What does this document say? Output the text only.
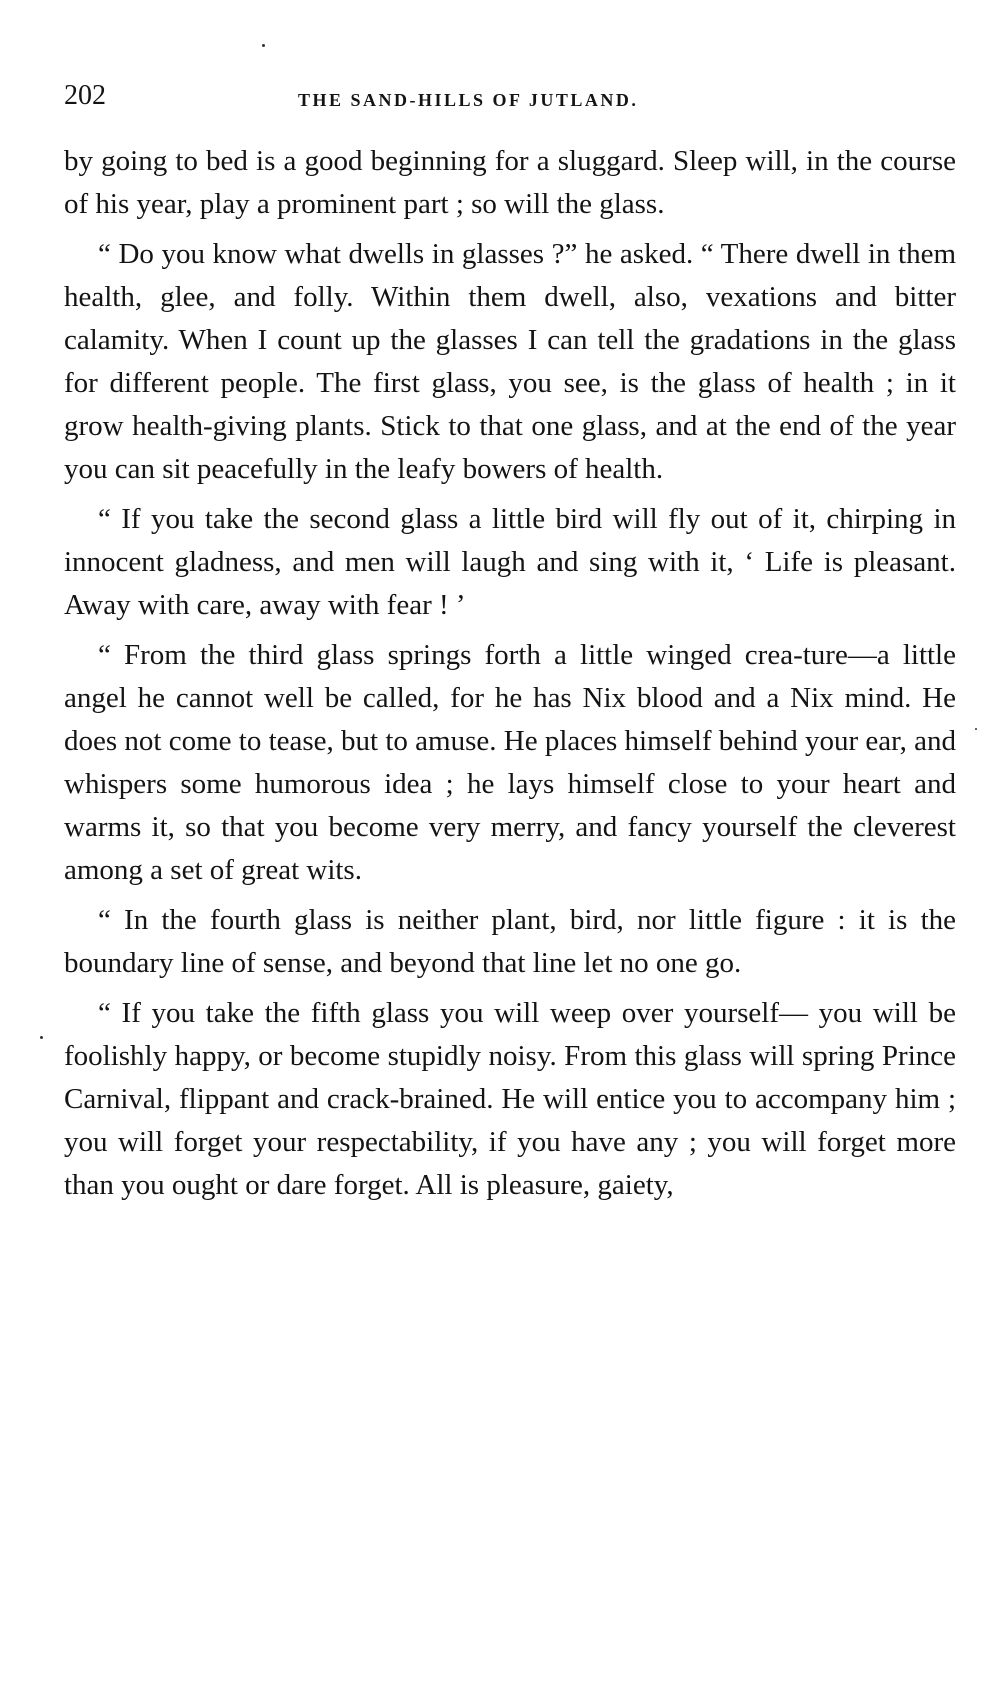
202	THE SAND-HILLS OF JUTLAND.

by going to bed is a good beginning for a sluggard. Sleep will, in the course of his year, play a prominent part ; so will the glass.

“ Do you know what dwells in glasses ?” he asked. “ There dwell in them health, glee, and folly. Within them dwell, also, vexations and bitter calamity. When I count up the glasses I can tell the gradations in the glass for different people. The first glass, you see, is the glass of health ; in it grow health-giving plants. Stick to that one glass, and at the end of the year you can sit peacefully in the leafy bowers of health.

“ If you take the second glass a little bird will fly out of it, chirping in innocent gladness, and men will laugh and sing with it, ‘ Life is pleasant. Away with care, away with fear ! ’

“ From the third glass springs forth a little winged crea-ture—a little angel he cannot well be called, for he has Nix blood and a Nix mind. He does not come to tease, but to amuse. He places himself behind your ear, and whispers some humorous idea ; he lays himself close to your heart and warms it, so that you become very merry, and fancy yourself the cleverest among a set of great wits.

“ In the fourth glass is neither plant, bird, nor little figure : it is the boundary line of sense, and beyond that line let no one go.

“ If you take the fifth glass you will weep over yourself— you will be foolishly happy, or become stupidly noisy. From this glass will spring Prince Carnival, flippant and crack-brained. He will entice you to accompany him ; you will forget your respectability, if you have any ; you will forget more than you ought or dare forget. All is pleasure, gaiety,
